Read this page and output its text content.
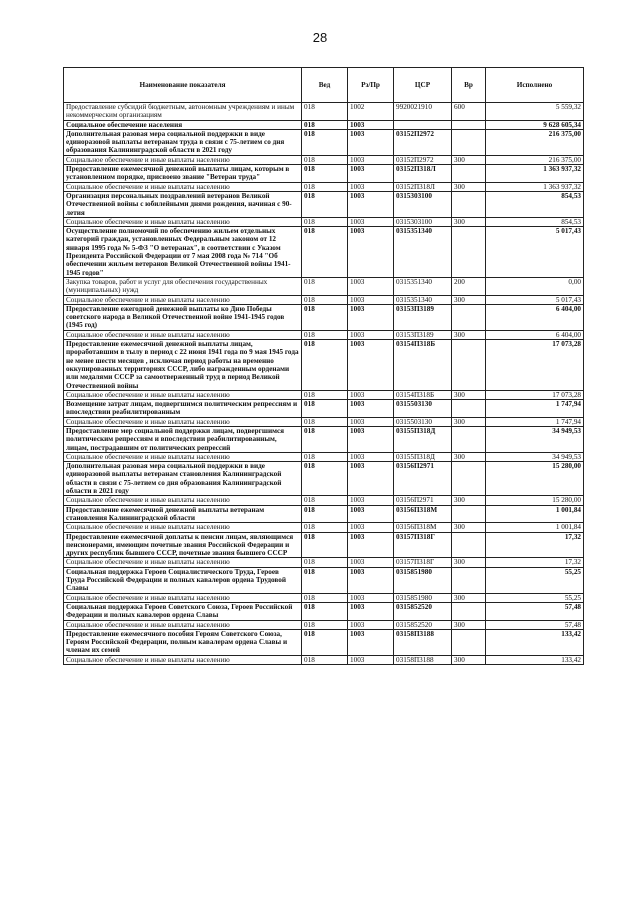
28
Наименование показателя	Вед	Рз/Пр	ЦСР	Вр	Исполнено
Предоставление субсидий бюджетным, автономным учреждениям и иным некоммерческим организациям	018	1002	9920021910	600	5 559,32
Социальное обеспечение населения	018	1003			9 628 605,34
Дополнительная разовая мера социальной поддержки в виде единоразовой выплаты ветеранам труда в связи с 75-летием со дня образования Калининградской области в 2021 году	018	1003	03152П2972		216 375,00
Социальное обеспечение и иные выплаты населению	018	1003	03152П2972	300	216 375,00
Предоставление ежемесячной денежной выплаты лицам, которым в установленном порядке, присвоено звание "Ветеран труда"	018	1003	03152П318Л		1 363 937,32
Социальное обеспечение и иные выплаты населению	018	1003	03152П318Л	300	1 363 937,32
Организация персональных поздравлений ветеранов Великой Отечественной войны с юбилейными днями рождения, начиная с 90-летия	018	1003	0315303100		854,53
Социальное обеспечение и иные выплаты населению	018	1003	0315303100	300	854,53
Осуществление полномочий по обеспечению жильем отдельных категорий граждан, установленных Федеральным законом от 12 января 1995 года № 5-ФЗ "О ветеранах", в соответствии с Указом Президента Российской Федерации от 7 мая 2008 года № 714 "Об обеспечении жильем ветеранов Великой Отечественной войны 1941-1945 годов"	018	1003	0315351340		5 017,43
Закупка товаров, работ и услуг для обеспечения государственных (муниципальных) нужд	018	1003	0315351340	200	0,00
Социальное обеспечение и иные выплаты населению	018	1003	0315351340	300	5 017,43
Предоставление ежегодной денежной выплаты ко Дню Победы советского народа в Великой Отечественной войне 1941-1945 годов (1945 год)	018	1003	03153П3189		6 404,00
Социальное обеспечение и иные выплаты населению	018	1003	03153П3189	300	6 404,00
Предоставление ежемесячной денежной выплаты лицам, проработавшим в тылу в период с 22 июня 1941 года по 9 мая 1945 года не менее шести месяцев , исключая период работы на временно оккупированных территориях СССР, либо награжденным орденами или медалями СССР за самоотверженный труд в период Великой Отечественной войны	018	1003	03154П318Б		17 073,28
Социальное обеспечение и иные выплаты населению	018	1003	03154П318Б	300	17 073,28
Возмещение затрат лицам, подвергшимся политическим репрессиям и впоследствии реабилитированным	018	1003	0315503130		1 747,94
Социальное обеспечение и иные выплаты населению	018	1003	0315503130	300	1 747,94
Предоставление мер социальной поддержки лицам, подвергшимся политическим репрессиям и впоследствии реабилитированным, лицам, пострадавшим от политических репрессий	018	1003	03155П318Д		34 949,53
Социальное обеспечение и иные выплаты населению	018	1003	03155П318Д	300	34 949,53
Дополнительная разовая мера социальной поддержки в виде единоразовой выплаты ветеранам становления Калининградской области в связи с 75-летием со дня образования Калининградской области в 2021 году	018	1003	03156П2971		15 280,00
Социальное обеспечение и иные выплаты населению	018	1003	03156П2971	300	15 280,00
Предоставление ежемесячной денежной выплаты ветеранам становления Калининградской области	018	1003	03156П318М		1 001,84
Социальное обеспечение и иные выплаты населению	018	1003	03156П318М	300	1 001,84
Предоставление ежемесячной доплаты к пенсии лицам, являющимся пенсионерами, имеющим почетные звания Российской Федерации и других республик бывшего СССР, почетные звания бывшего СССР	018	1003	03157П318Г		17,32
Социальное обеспечение и иные выплаты населению	018	1003	03157П318Г	300	17,32
Социальная поддержка Героев Социалистического Труда, Героев Труда Российской Федерации и полных кавалеров ордена Трудовой Славы	018	1003	0315851980		55,25
Социальное обеспечение и иные выплаты населению	018	1003	0315851980	300	55,25
Социальная поддержка Героев Советского Союза, Героев Российской Федерации и полных кавалеров ордена Славы	018	1003	0315852520		57,48
Социальное обеспечение и иные выплаты населению	018	1003	0315852520	300	57,48
Предоставление ежемесячного пособия Героям Советского Союза, Героям Российской Федерации, полным кавалерам ордена Славы и членам их семей	018	1003	03158П3188		133,42
Социальное обеспечение и иные выплаты населению	018	1003	03158П3188	300	133,42
